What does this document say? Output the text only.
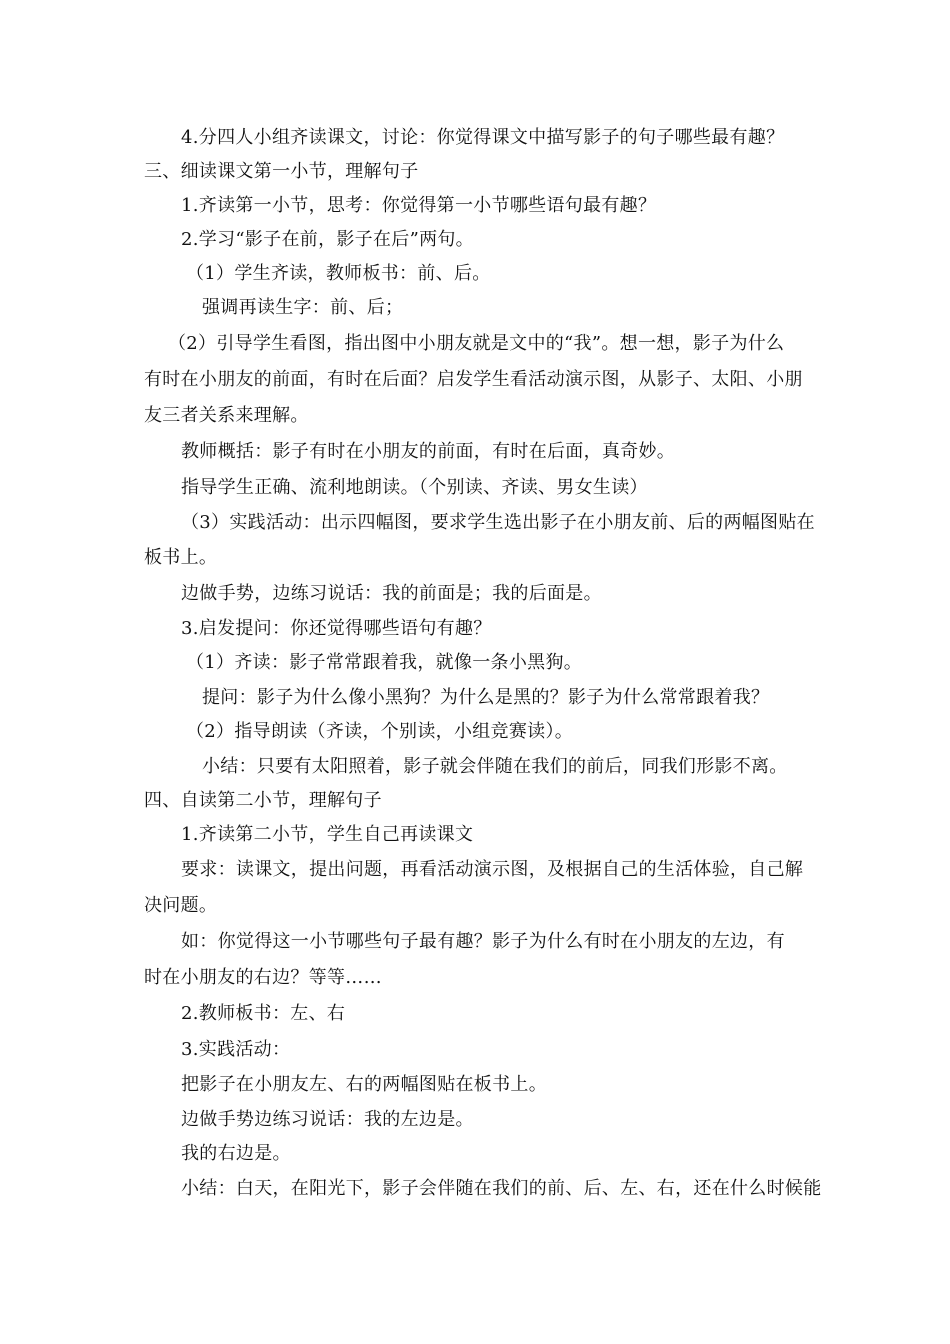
4.分四人小组齐读课文，讨论：你觉得课文中描写影子的句子哪些最有趣？
三、细读课文第一小节，理解句子
1.齐读第一小节，思考：你觉得第一小节哪些语句最有趣？
2.学习“影子在前，影子在后”两句。
（1）学生齐读，教师板书：前、后。
强调再读生字：前、后；
（2）引导学生看图，指出图中小朋友就是文中的“我”。想一想，影子为什么
有时在小朋友的前面，有时在后面？启发学生看活动演示图，从影子、太阳、小朋
友三者关系来理解。
教师概括：影子有时在小朋友的前面，有时在后面，真奇妙。
指导学生正确、流利地朗读。（个别读、齐读、男女生读）
（3）实践活动：出示四幅图，要求学生选出影子在小朋友前、后的两幅图贴在
板书上。
边做手势，边练习说话：我的前面是；我的后面是。
3.启发提问：你还觉得哪些语句有趣？
（1）齐读：影子常常跟着我，就像一条小黑狗。
提问：影子为什么像小黑狗？为什么是黑的？影子为什么常常跟着我？
（2）指导朗读（齐读，个别读，小组竞赛读）。
小结：只要有太阳照着，影子就会伴随在我们的前后，同我们形影不离。
四、自读第二小节，理解句子
1.齐读第二小节，学生自己再读课文
要求：读课文，提出问题，再看活动演示图，及根据自己的生活体验，自己解
决问题。
如：你觉得这一小节哪些句子最有趣？影子为什么有时在小朋友的左边，有
时在小朋友的右边？等等……
2.教师板书：左、右
3.实践活动：
把影子在小朋友左、右的两幅图贴在板书上。
边做手势边练习说话：我的左边是。
我的右边是。
小结：白天，在阳光下，影子会伴随在我们的前、后、左、右，还在什么时候能
